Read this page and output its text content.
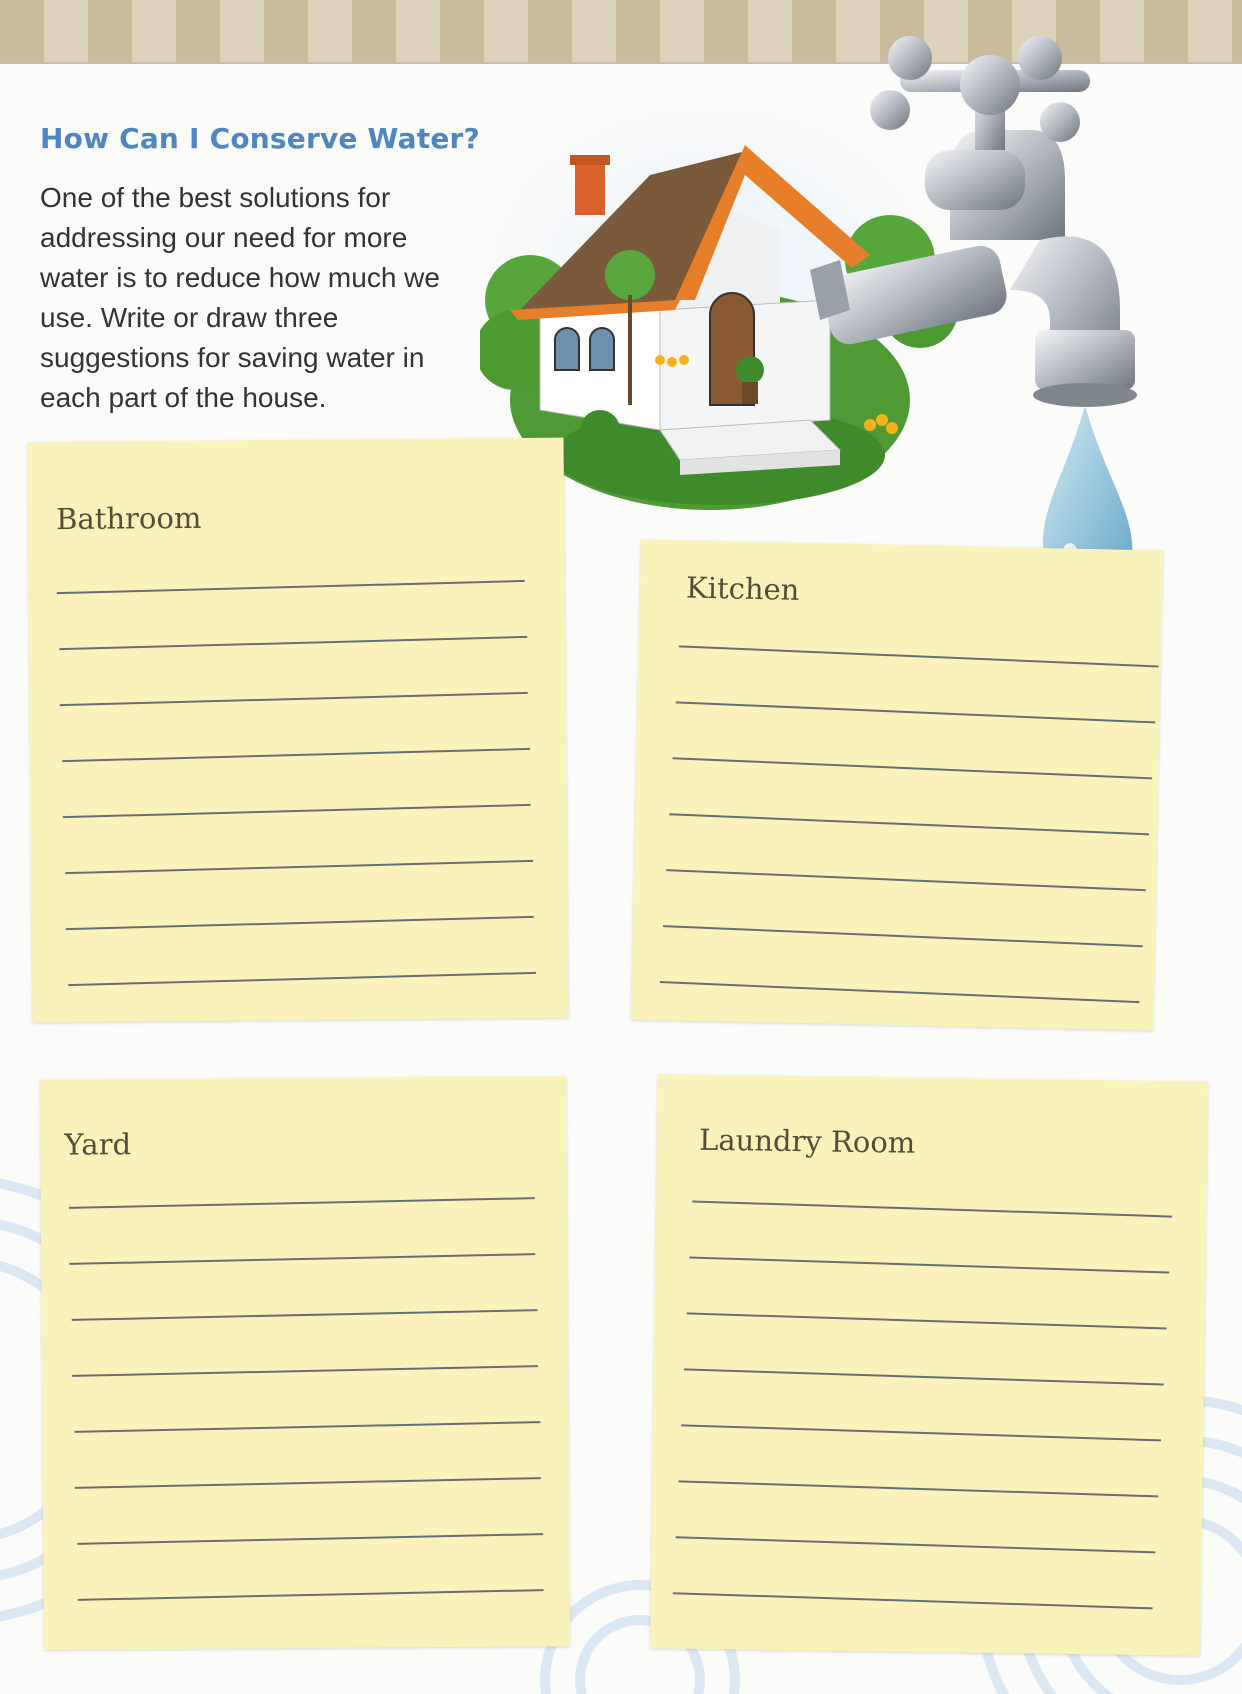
How Can I Conserve Water?

One of the best solutions for addressing our need for more water is to reduce how much we use. Write or draw three suggestions for saving water in each part of the house.

Bathroom
Kitchen
Yard	Laundry Room
